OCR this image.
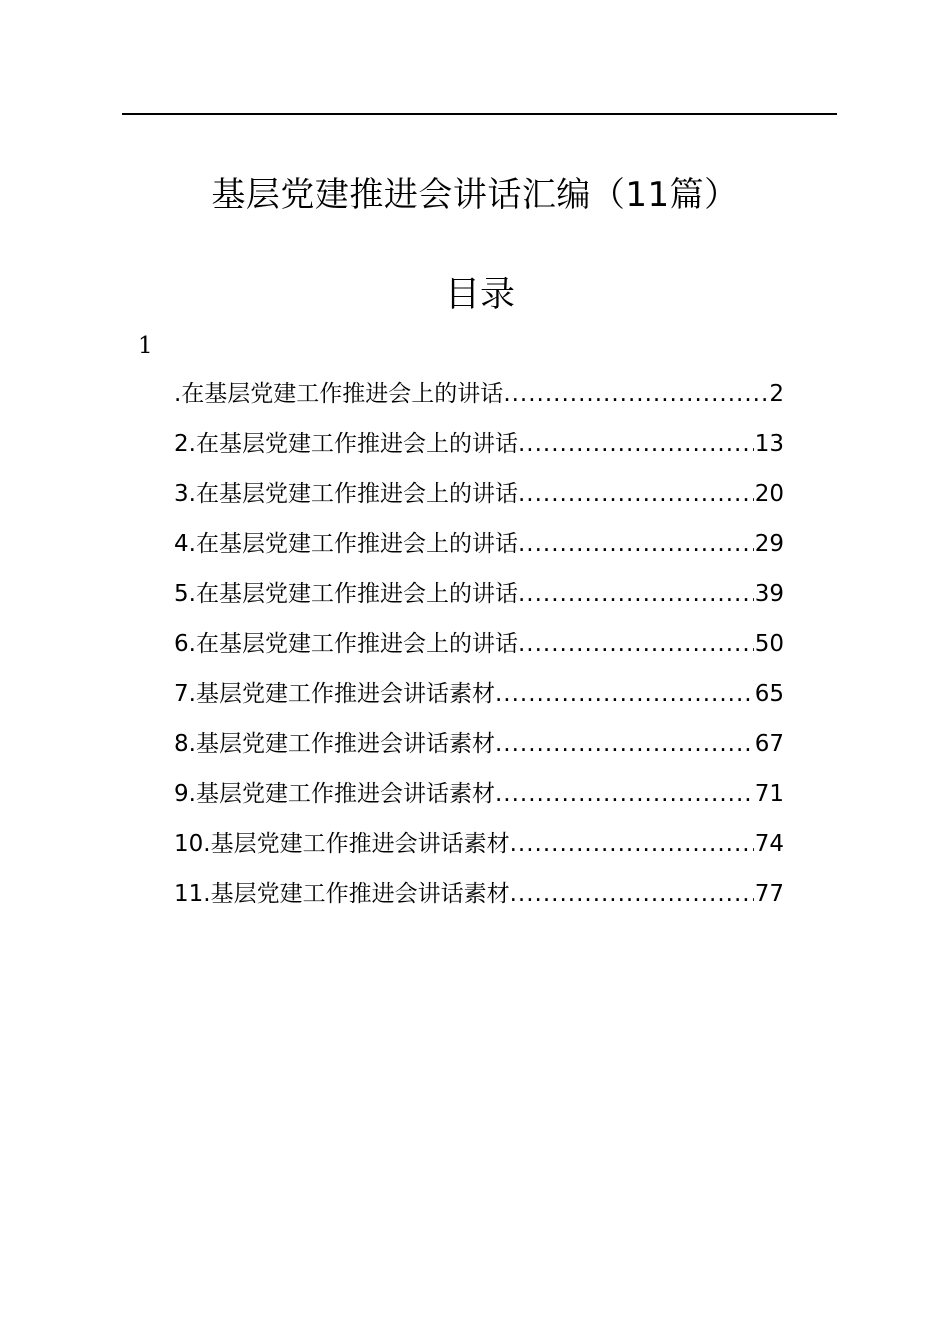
基层党建推进会讲话汇编（11篇）
目录
1
.在基层党建工作推进会上的讲话 .....	2
2.在基层党建工作推进会上的讲话 .....	13
3.在基层党建工作推进会上的讲话 .....	20
4.在基层党建工作推进会上的讲话 .....	29
5.在基层党建工作推进会上的讲话 .....	39
6.在基层党建工作推进会上的讲话 .....	50
7.基层党建工作推进会讲话素材 .....	65
8.基层党建工作推进会讲话素材 .....	67
9.基层党建工作推进会讲话素材 .....	71
10.基层党建工作推进会讲话素材 .....	74
11.基层党建工作推进会讲话素材 .....	77
